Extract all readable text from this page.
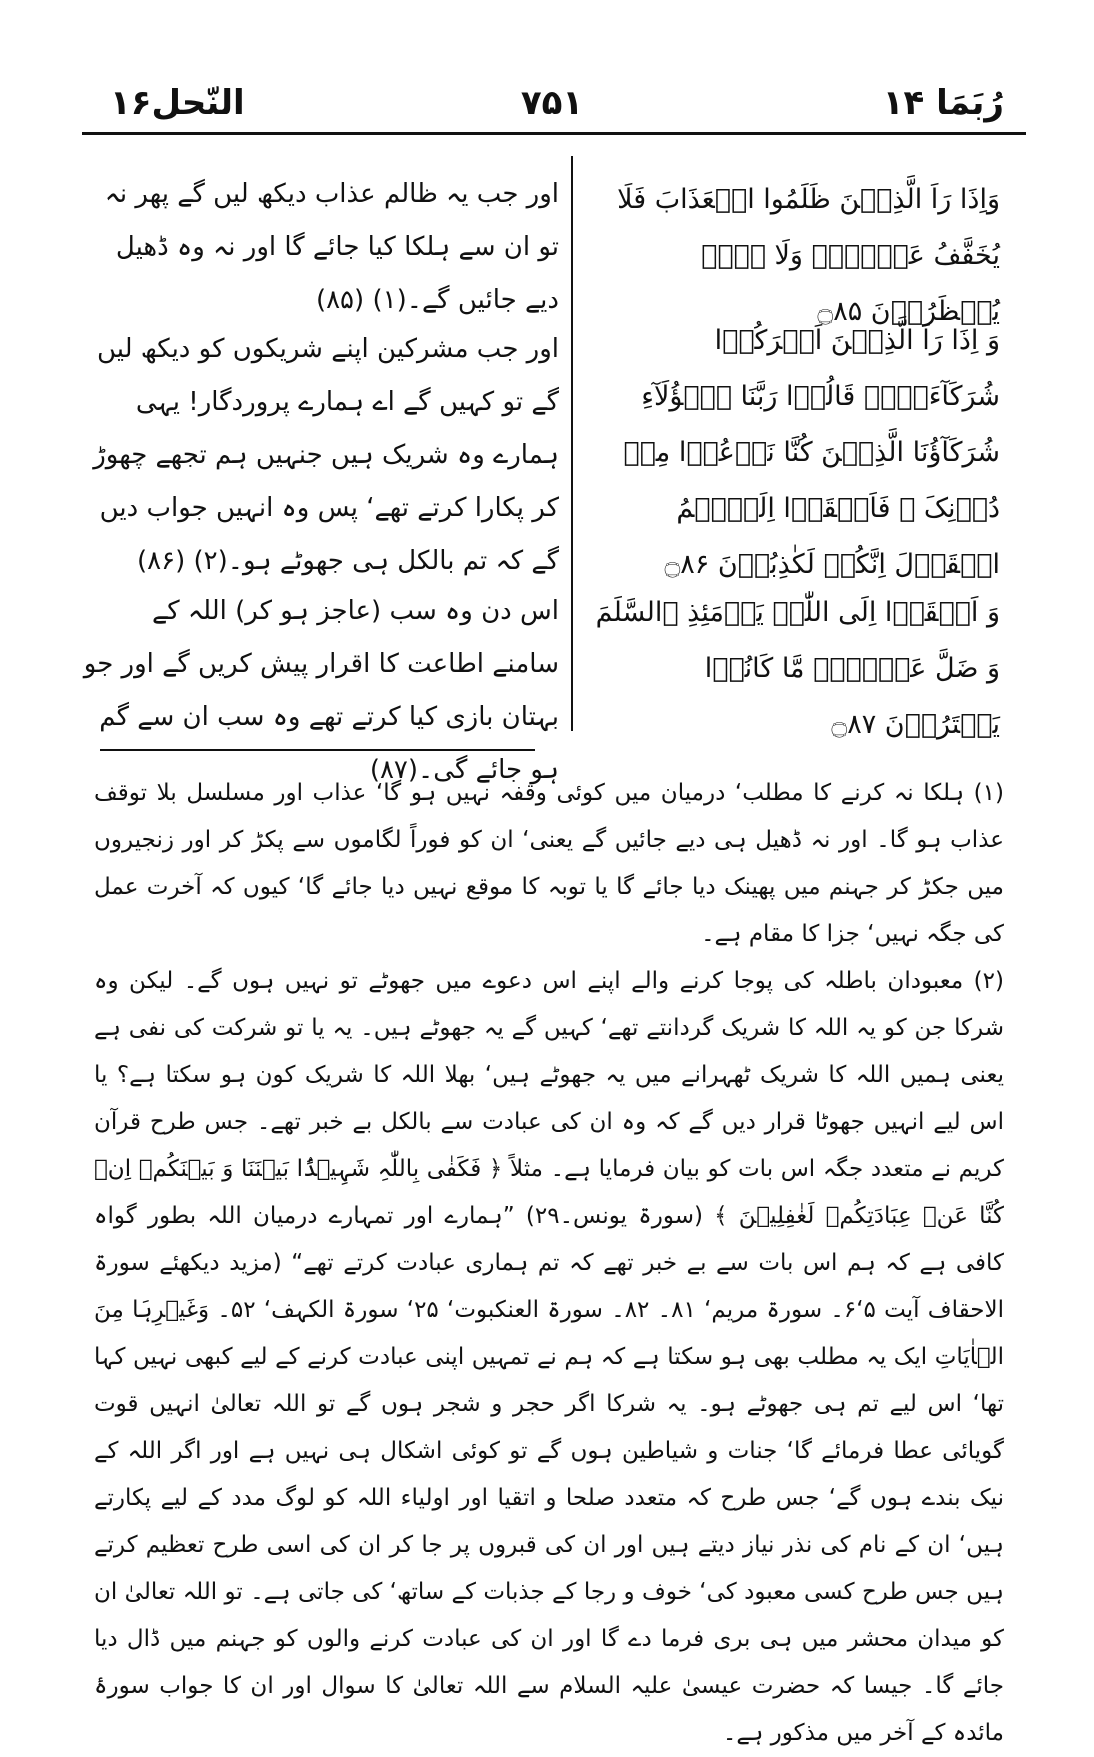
النّحل۱۶	۷۵۱	رُبَمَا ۱۴
وَاِذَا رَاَ الَّذِیۡنَ ظَلَمُوا الۡعَذَابَ فَلَا یُخَفَّفُ عَنۡہُمۡ وَلَا ہُمۡ یُنۡظَرُوۡنَ ۝۸۵
وَ اِذَا رَاَ الَّذِیۡنَ اَشۡرَکُوۡا شُرَکَآءَہُمۡ قَالُوۡا رَبَّنَا ہٰۤؤُلَآءِ شُرَکَآؤُنَا الَّذِیۡنَ کُنَّا نَدۡعُوۡا مِنۡ دُوۡنِکَ ۚ فَاَلۡقَوۡا اِلَیۡہِمُ الۡقَوۡلَ اِنَّکُمۡ لَکٰذِبُوۡنَ ۝۸۶
وَ اَلۡقَوۡا اِلَی اللّٰہِ یَوۡمَئِذِ ۣالسَّلَمَ وَ ضَلَّ عَنۡہُمۡ مَّا کَانُوۡا یَفۡتَرُوۡنَ ۝۸۷
اور جب یہ ظالم عذاب دیکھ لیں گے پھر نہ تو ان سے ہلکا کیا جائے گا اور نہ وہ ڈھیل دیے جائیں گے۔(۱) (۸۵)
اور جب مشرکین اپنے شریکوں کو دیکھ لیں گے تو کہیں گے اے ہمارے پروردگار! یہی ہمارے وہ شریک ہیں جنہیں ہم تجھے چھوڑ کر پکارا کرتے تھے‘ پس وہ انہیں جواب دیں گے کہ تم بالکل ہی جھوٹے ہو۔(۲) (۸۶)
اس دن وہ سب (عاجز ہو کر) اللہ کے سامنے اطاعت کا اقرار پیش کریں گے اور جو بہتان بازی کیا کرتے تھے وہ سب ان سے گم ہو جائے گی۔(۸۷)

(۱) ہلکا نہ کرنے کا مطلب‘ درمیان میں کوئی وقفہ نہیں ہو گا‘ عذاب اور مسلسل بلا توقف عذاب ہو گا۔ اور نہ ڈھیل ہی دیے جائیں گے یعنی‘ ان کو فوراً لگاموں سے پکڑ کر اور زنجیروں میں جکڑ کر جہنم میں پھینک دیا جائے گا یا توبہ کا موقع نہیں دیا جائے گا‘ کیوں کہ آخرت عمل کی جگہ نہیں‘ جزا کا مقام ہے۔

(۲) معبودان باطلہ کی پوجا کرنے والے اپنے اس دعوے میں جھوٹے تو نہیں ہوں گے۔ لیکن وہ شرکا جن کو یہ اللہ کا شریک گردانتے تھے‘ کہیں گے یہ جھوٹے ہیں۔ یہ یا تو شرکت کی نفی ہے یعنی ہمیں اللہ کا شریک ٹھہرانے میں یہ جھوٹے ہیں‘ بھلا اللہ کا شریک کون ہو سکتا ہے؟ یا اس لیے انہیں جھوٹا قرار دیں گے کہ وہ ان کی عبادت سے بالکل بے خبر تھے۔ جس طرح قرآن کریم نے متعدد جگہ اس بات کو بیان فرمایا ہے۔ مثلاً ﴿ فَکَفٰی بِاللّٰہِ شَہِیۡدًۢا بَیۡنَنَا وَ بَیۡنَکُمۡ اِنۡ کُنَّا عَنۡ عِبَادَتِکُمۡ لَغٰفِلِیۡنَ ﴾ (سورۃ یونس۔۲۹) ”ہمارے اور تمہارے درمیان اللہ بطور گواہ کافی ہے کہ ہم اس بات سے بے خبر تھے کہ تم ہماری عبادت کرتے تھے“ (مزید دیکھئے سورۃ الاحقاف آیت ۵‘۶۔ سورۃ مریم‘ ۸۱۔ ۸۲۔ سورۃ العنکبوت‘ ۲۵‘ سورۃ الکہف‘ ۵۲۔ وَغَیۡرِہَا مِنَ الۡاٰیَاتِ ایک یہ مطلب بھی ہو سکتا ہے کہ ہم نے تمہیں اپنی عبادت کرنے کے لیے کبھی نہیں کہا تھا‘ اس لیے تم ہی جھوٹے ہو۔ یہ شرکا اگر حجر و شجر ہوں گے تو اللہ تعالیٰ انہیں قوت گویائی عطا فرمائے گا‘ جنات و شیاطین ہوں گے تو کوئی اشکال ہی نہیں ہے اور اگر اللہ کے نیک بندے ہوں گے‘ جس طرح کہ متعدد صلحا و اتقیا اور اولیاء اللہ کو لوگ مدد کے لیے پکارتے ہیں‘ ان کے نام کی نذر نیاز دیتے ہیں اور ان کی قبروں پر جا کر ان کی اسی طرح تعظیم کرتے ہیں جس طرح کسی معبود کی‘ خوف و رجا کے جذبات کے ساتھ‘ کی جاتی ہے۔ تو اللہ تعالیٰ ان کو میدان محشر میں ہی بری فرما دے گا اور ان کی عبادت کرنے والوں کو جہنم میں ڈال دیا جائے گا۔ جیسا کہ حضرت عیسیٰ علیہ السلام سے اللہ تعالیٰ کا سوال اور ان کا جواب سورۂ مائدہ کے آخر میں مذکور ہے۔
